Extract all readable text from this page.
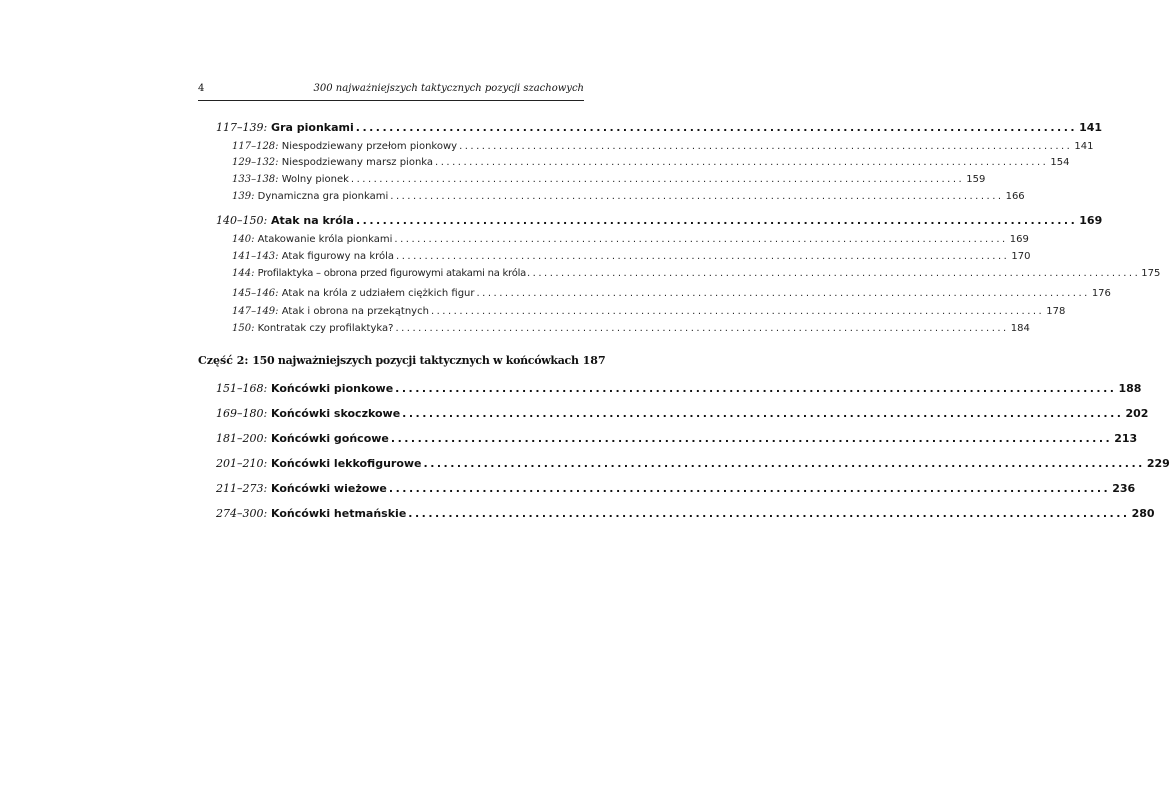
4	300 najważniejszych taktycznych pozycji szachowych
117–139: Gra pionkami ............................................................................................................ 141
117–128: Niespodziewany przełom pionkowy ............................................................................................................ 141
129–132: Niespodziewany marsz pionka ............................................................................................................ 154
133–138: Wolny pionek ............................................................................................................ 159
139: Dynamiczna gra pionkami ............................................................................................................ 166
140–150: Atak na króla ............................................................................................................ 169
140: Atakowanie króla pionkami ............................................................................................................ 169
141–143: Atak figurowy na króla ............................................................................................................ 170
144: Profilaktyka – obrona przed figurowymi atakami na króla ............................................................................................................ 175
145–146: Atak na króla z udziałem ciężkich figur ............................................................................................................ 176
147–149: Atak i obrona na przekątnych ............................................................................................................ 178
150: Kontratak czy profilaktyka? ............................................................................................................ 184
Część 2: 150 najważniejszych pozycji taktycznych w końcówkach 187
151–168: Końcówki pionkowe ............................................................................................................ 188
169–180: Końcówki skoczkowe ............................................................................................................ 202
181–200: Końcówki gońcowe ............................................................................................................ 213
201–210: Końcówki lekkofigurowe ............................................................................................................ 229
211–273: Końcówki wieżowe ............................................................................................................ 236
274–300: Końcówki hetmańskie ............................................................................................................ 280
